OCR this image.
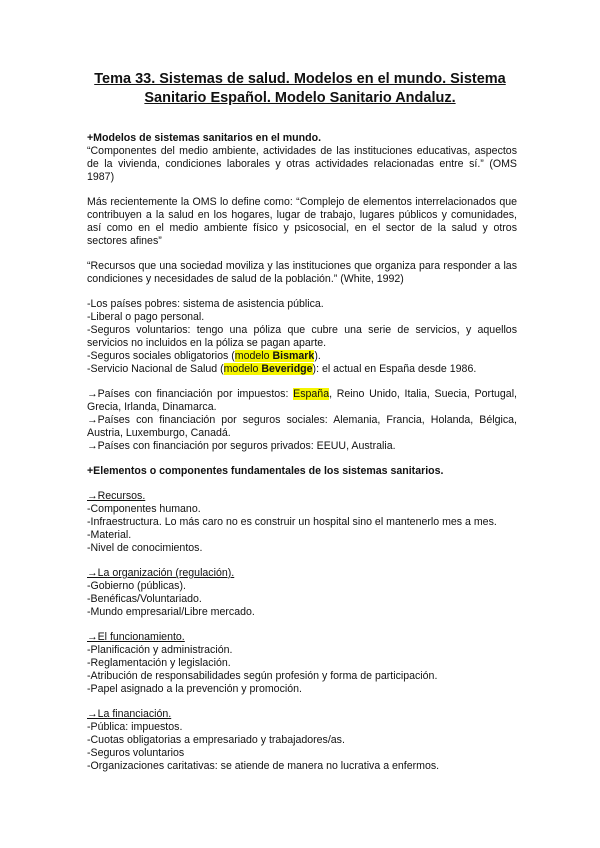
Tema 33. Sistemas de salud. Modelos en el mundo. Sistema
Sanitario Español. Modelo Sanitario Andaluz.

+Modelos de sistemas sanitarios en el mundo.

“Componentes del medio ambiente, actividades de las instituciones educativas, aspectos de la vivienda, condiciones laborales y otras actividades relacionadas entre sí.” (OMS 1987)

Más recientemente la OMS lo define como: “Complejo de elementos interrelacionados que contribuyen a la salud en los hogares, lugar de trabajo, lugares públicos y comunidades, así como en el medio ambiente físico y psicosocial, en el sector de la salud y otros sectores afines”

“Recursos que una sociedad moviliza y las instituciones que organiza para responder a las condiciones y necesidades de salud de la población.” (White, 1992)

-Los países pobres: sistema de asistencia pública.

-Liberal o pago personal.

-Seguros voluntarios: tengo una póliza que cubre una serie de servicios, y aquellos servicios no incluidos en la póliza se pagan aparte.

-Seguros sociales obligatorios (modelo Bismark).

-Servicio Nacional de Salud (modelo Beveridge): el actual en España desde 1986.

→Países con financiación por impuestos: España, Reino Unido, Italia, Suecia, Portugal, Grecia, Irlanda, Dinamarca.

→Países con financiación por seguros sociales: Alemania, Francia, Holanda, Bélgica, Austria, Luxemburgo, Canadá.

→Países con financiación por seguros privados: EEUU, Australia.

+Elementos o componentes fundamentales de los sistemas sanitarios.

→Recursos.

-Componentes humano.

-Infraestructura. Lo más caro no es construir un hospital sino el mantenerlo mes a mes.

-Material.

-Nivel de conocimientos.

→La organización (regulación).

-Gobierno (públicas).

-Benéficas/Voluntariado.

-Mundo empresarial/Libre mercado.

→El funcionamiento.

-Planificación y administración.

-Reglamentación y legislación.

-Atribución de responsabilidades según profesión y forma de participación.

-Papel asignado a la prevención y promoción.

→La financiación.

-Pública: impuestos.

-Cuotas obligatorias a empresariado y trabajadores/as.

-Seguros voluntarios

-Organizaciones caritativas: se atiende de manera no lucrativa a enfermos.
